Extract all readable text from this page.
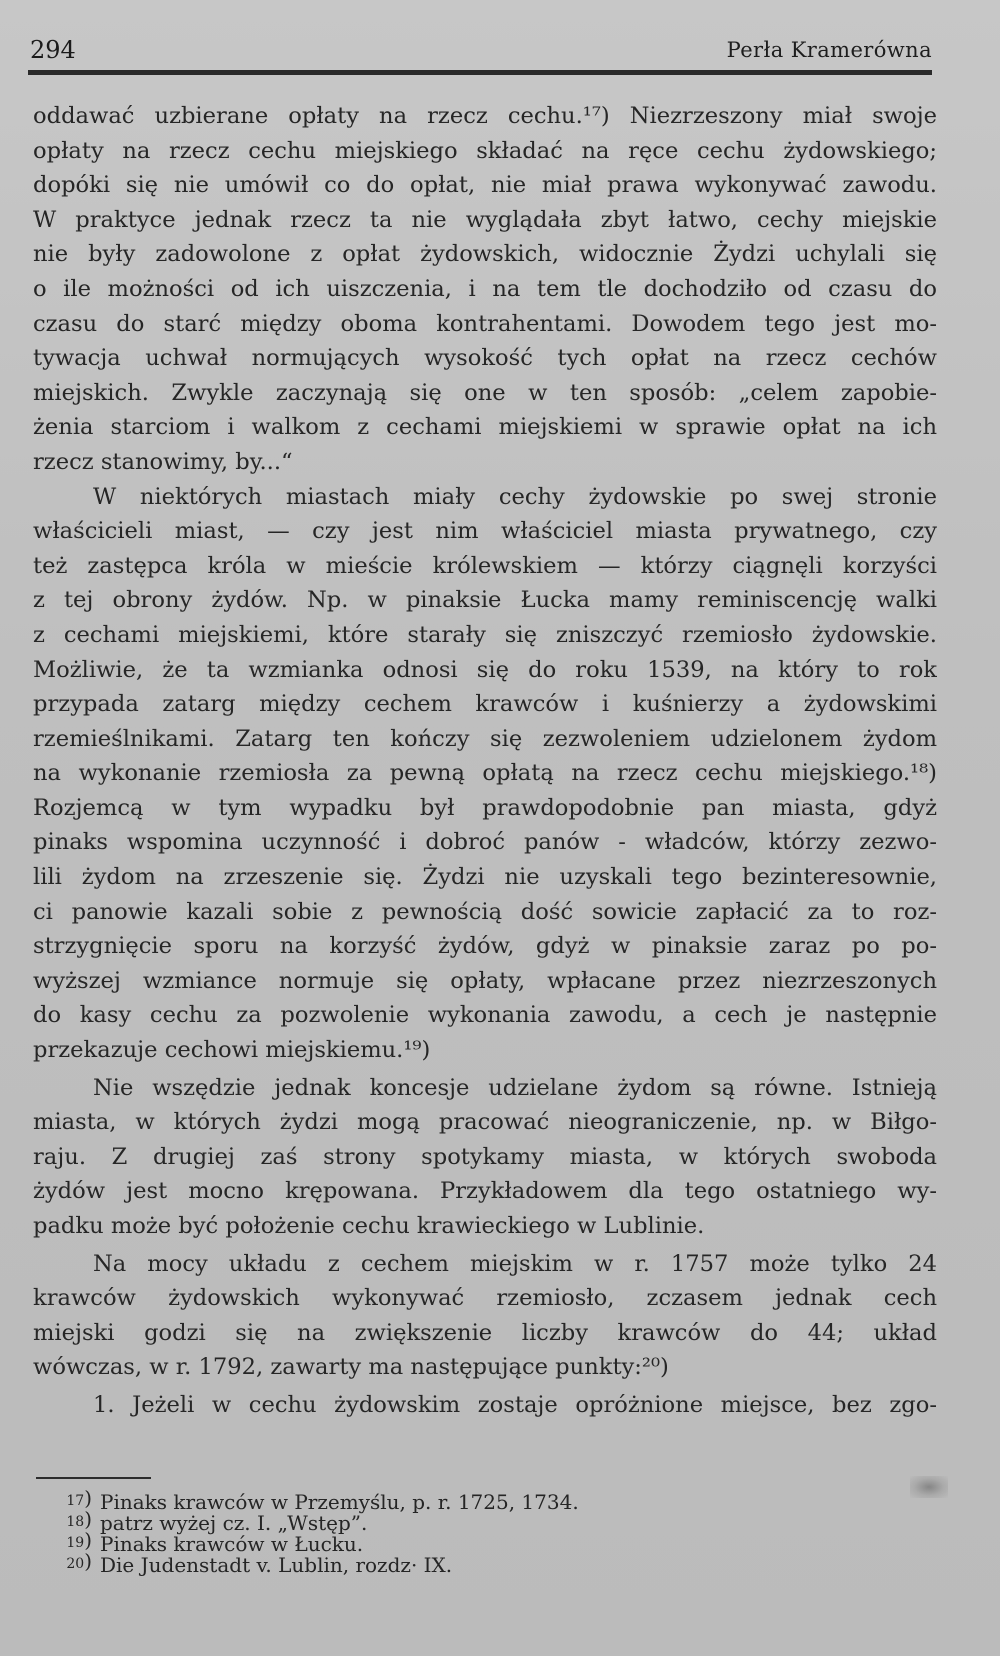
294	Perła Kramerówna
oddawać uzbierane opłaty na rzecz cechu.¹⁷) Niezrzeszony miał swoje
opłaty na rzecz cechu miejskiego składać na ręce cechu żydowskiego;
dopóki się nie umówił co do opłat, nie miał prawa wykonywać zawodu.
W praktyce jednak rzecz ta nie wyglądała zbyt łatwo, cechy miejskie
nie były zadowolone z opłat żydowskich, widocznie Żydzi uchylali się
o ile możności od ich uiszczenia, i na tem tle dochodziło od czasu do
czasu do starć między oboma kontrahentami. Dowodem tego jest mo-
tywacja uchwał normujących wysokość tych opłat na rzecz cechów
miejskich. Zwykle zaczynają się one w ten sposób: „celem zapobie-
żenia starciom i walkom z cechami miejskiemi w sprawie opłat na ich
rzecz stanowimy, by...“
W niektórych miastach miały cechy żydowskie po swej stronie
właścicieli miast, — czy jest nim właściciel miasta prywatnego, czy
też zastępca króla w mieście królewskiem — którzy ciągnęli korzyści
z tej obrony żydów. Np. w pinaksie Łucka mamy reminiscencję walki
z cechami miejskiemi, które starały się zniszczyć rzemiosło żydowskie.
Możliwie, że ta wzmianka odnosi się do roku 1539, na który to rok
przypada zatarg między cechem krawców i kuśnierzy a żydowskimi
rzemieślnikami. Zatarg ten kończy się zezwoleniem udzielonem żydom
na wykonanie rzemiosła za pewną opłatą na rzecz cechu miejskiego.¹⁸)
Rozjemcą w tym wypadku był prawdopodobnie pan miasta, gdyż
pinaks wspomina uczynność i dobroć panów - władców, którzy zezwo-
lili żydom na zrzeszenie się. Żydzi nie uzyskali tego bezinteresownie,
ci panowie kazali sobie z pewnością dość sowicie zapłacić za to roz-
strzygnięcie sporu na korzyść żydów, gdyż w pinaksie zaraz po po-
wyższej wzmiance normuje się opłaty, wpłacane przez niezrzeszonych
do kasy cechu za pozwolenie wykonania zawodu, a cech je następnie
przekazuje cechowi miejskiemu.¹⁹)
Nie wszędzie jednak koncesje udzielane żydom są równe. Istnieją
miasta, w których żydzi mogą pracować nieograniczenie, np. w Biłgo-
raju. Z drugiej zaś strony spotykamy miasta, w których swoboda
żydów jest mocno krępowana. Przykładowem dla tego ostatniego wy-
padku może być położenie cechu krawieckiego w Lublinie.
Na mocy układu z cechem miejskim w r. 1757 może tylko 24
krawców żydowskich wykonywać rzemiosło, zczasem jednak cech
miejski godzi się na zwiększenie liczby krawców do 44; układ
wówczas, w r. 1792, zawarty ma następujące punkty:²⁰)
1. Jeżeli w cechu żydowskim zostaje opróżnione miejsce, bez zgo-
17) Pinaks krawców w Przemyślu, p. r. 1725, 1734.
18) patrz wyżej cz. I. „Wstęp”.
19) Pinaks krawców w Łucku.
20) Die Judenstadt v. Lublin, rozdz· IX.
